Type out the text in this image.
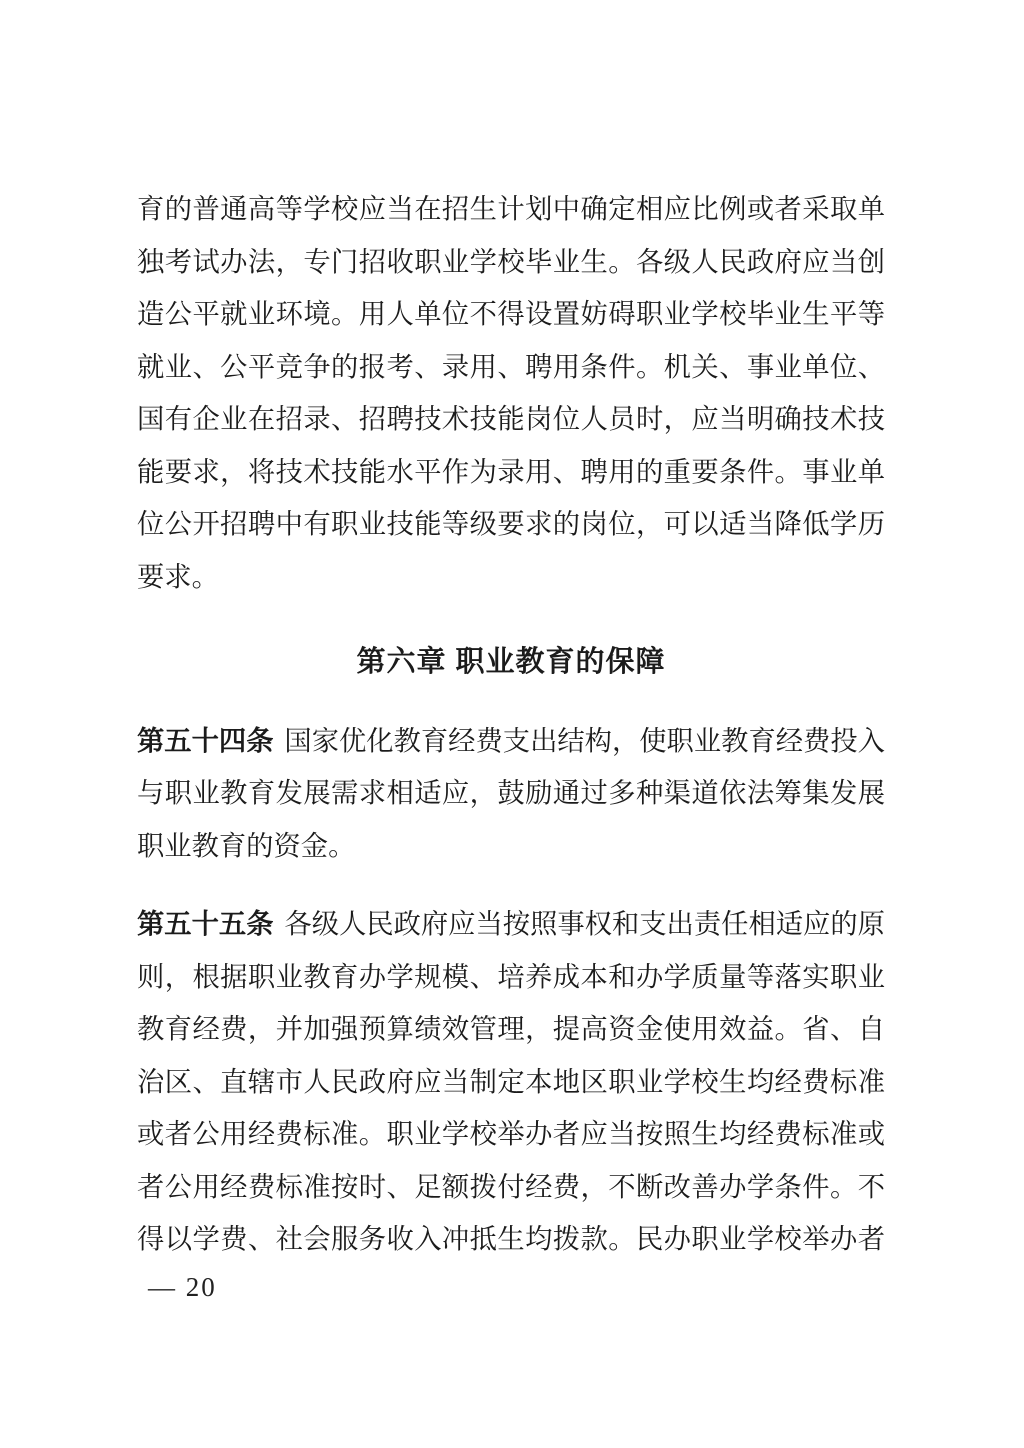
育 的 普 通 高 等 学 校 应 当 在 招 生 计 划 中 确 定 相 应 比 例 或 者 采 取 单
独 考 试 办 法 ， 专 门 招 收 职 业 学 校 毕 业 生 。 各 级 人 民 政 府 应 当 创
造 公 平 就 业 环 境 。 用 人 单 位 不 得 设 置 妨 碍 职 业 学 校 毕 业 生 平 等
就 业 、 公 平 竞 争 的 报 考 、 录 用 、 聘 用 条 件 。 机 关 、 事 业 单 位 、
国 有 企 业 在 招 录 、 招 聘 技 术 技 能 岗 位 人 员 时 ， 应 当 明 确 技 术 技
能 要 求 ， 将 技 术 技 能 水 平 作 为 录 用 、 聘 用 的 重 要 条 件 。 事 业 单
位 公 开 招 聘 中 有 职 业 技 能 等 级 要 求 的 岗 位 ， 可 以 适 当 降 低 学 历
要求。
第六章 职业教育的保障
第 五 十 四 条 国 家 优 化 教 育 经 费 支 出 结 构 ， 使 职 业 教 育 经 费 投 入
与 职 业 教 育 发 展 需 求 相 适 应 ， 鼓 励 通 过 多 种 渠 道 依 法 筹 集 发 展
职业教育的资金。
第 五 十 五 条 各 级 人 民 政 府 应 当 按 照 事 权 和 支 出 责 任 相 适 应 的 原
则 ， 根 据 职 业 教 育 办 学 规 模 、 培 养 成 本 和 办 学 质 量 等 落 实 职 业
教 育 经 费 ， 并 加 强 预 算 绩 效 管 理 ， 提 高 资 金 使 用 效 益 。 省 、 自
治 区 、 直 辖 市 人 民 政 府 应 当 制 定 本 地 区 职 业 学 校 生 均 经 费 标 准
或 者 公 用 经 费 标 准 。 职 业 学 校 举 办 者 应 当 按 照 生 均 经 费 标 准 或
者 公 用 经 费 标 准 按 时 、 足 额 拨 付 经 费 ， 不 断 改 善 办 学 条 件 。 不
得 以 学 费 、 社 会 服 务 收 入 冲 抵 生 均 拨 款 。 民 办 职 业 学 校 举 办 者
— 20
